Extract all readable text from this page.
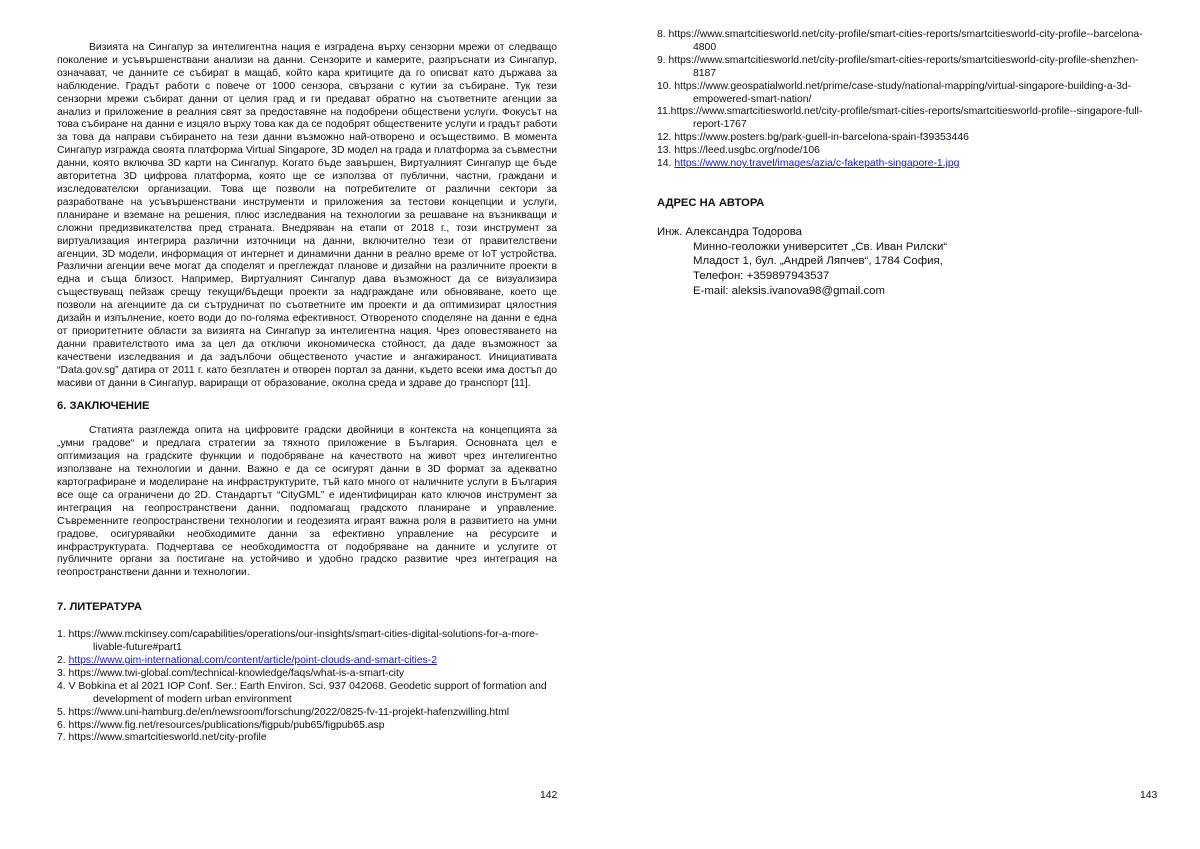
Визията на Сингапур за интелигентна нация е изградена върху сензорни мрежи от следващо поколение и усъвършенствани анализи на данни. Сензорите и камерите, разпръснати из Сингапур, означават, че данните се събират в мащаб, който кара критиците да го описват като държава за наблюдение. Градът работи с повече от 1000 сензора, свързани с кутии за събиране. Тук тези сензорни мрежи събират данни от целия град и ги предават обратно на съответните агенции за анализ и приложение в реалния свят за предоставяне на подобрени обществени услуги. Фокусът на това събиране на данни е изцяло върху това как да се подобрят обществените услуги и градът работи за това да направи събирането на тези данни възможно най-отворено и осъществимо. В момента Сингапур изгражда своята платформа Virtual Singapore, 3D модел на града и платформа за съвместни данни, която включва 3D карти на Сингапур. Когато бъде завършен, Виртуалният Сингапур ще бъде авторитетна 3D цифрова платформа, която ще се използва от публични, частни, граждани и изследователски организации. Това ще позволи на потребителите от различни сектори за разработване на усъвършенствани инструменти и приложения за тестови концепции и услуги, планиране и вземане на решения, плюс изследвания на технологии за решаване на възникващи и сложни предизвикателства пред страната. Внедряван на етапи от 2018 г., този инструмент за виртуализация интегрира различни източници на данни, включително тези от правителствени агенции, 3D модели, информация от интернет и динамични данни в реално време от IoT устройства. Различни агенции вече могат да споделят и преглеждат планове и дизайни на различните проекти в една и съща близост. Например, Виртуалният Сингапур дава възможност да се визуализира съществуващ пейзаж срещу текущи/бъдещи проекти за надграждане или обновяване, което ще позволи на агенциите да си сътрудничат по съответните им проекти и да оптимизират цялостния дизайн и изпълнение, което води до по-голяма ефективност. Отвореното споделяне на данни е една от приоритетните области за визията на Сингапур за интелигентна нация. Чрез оповестяването на данни правителството има за цел да отключи икономическа стойност, да даде възможност за качествени изследвания и да задълбочи общественото участие и ангажираност. Инициативата “Data.gov.sg” датира от 2011 г. като безплатен и отворен портал за данни, където всеки има достъп до масиви от данни в Сингапур, вариращи от образование, околна среда и здраве до транспорт [11].

6. ЗАКЛЮЧЕНИЕ

Статията разглежда опита на цифровите градски двойници в контекста на концепцията за „умни градове“ и предлага стратегии за тяхното приложение в България. Основната цел е оптимизация на градските функции и подобряване на качеството на живот чрез интелигентно използване на технологии и данни. Важно е да се осигурят данни в 3D формат за адекватно картографиране и моделиране на инфраструктурите, тъй като много от наличните услуги в България все още са ограничени до 2D. Стандартът “CityGML” е идентифициран като ключов инструмент за интеграция на геопространствени данни, подпомагащ градското планиране и управление. Съвременните геопространствени технологии и геодезията играят важна роля в развитието на умни градове, осигурявайки необходимите данни за ефективно управление на ресурсите и инфраструктурата. Подчертава се необходимостта от подобряване на данните и услугите от публичните органи за постигане на устойчиво и удобно градско развитие чрез интеграция на геопространствени данни и технологии.

7. ЛИТЕРАТУРА
1. https://www.mckinsey.com/capabilities/operations/our-insights/smart-cities-digital-solutions-for-a-more-livable-future#part1
2. https://www.gim-international.com/content/article/point-clouds-and-smart-cities-2
3. https://www.twi-global.com/technical-knowledge/faqs/what-is-a-smart-city
4. V Bobkina et al 2021 IOP Conf. Ser.: Earth Environ. Sci. 937 042068. Geodetic support of formation and development of modern urban environment
5. https://www.uni-hamburg.de/en/newsroom/forschung/2022/0825-fv-11-projekt-hafenzwilling.html
6. https://www.fig.net/resources/publications/figpub/pub65/figpub65.asp
7. https://www.smartcitiesworld.net/city-profile
142
8. https://www.smartcitiesworld.net/city-profile/smart-cities-reports/smartcitiesworld-city-profile--barcelona-4800
9. https://www.smartcitiesworld.net/city-profile/smart-cities-reports/smartcitiesworld-city-profile-shenzhen-8187
10. https://www.geospatialworld.net/prime/case-study/national-mapping/virtual-singapore-building-a-3d-empowered-smart-nation/
11.https://www.smartcitiesworld.net/city-profile/smart-cities-reports/smartcitiesworld-profile--singapore-full-report-1767
12. https://www.posters.bg/park-guell-in-barcelona-spain-f39353446
13. https://leed.usgbc.org/node/106
14. https://www.noy.travel/images/azia/c-fakepath-singapore-1.jpg
АДРЕС НА АВТОРА
Инж. Александра Тодорова
Минно-геоложки университет „Св. Иван Рилски“
Младост 1, бул. „Андрей Ляпчев“, 1784 София,
Телефон: +359897943537
E-mail: aleksis.ivanova98@gmail.com
143
